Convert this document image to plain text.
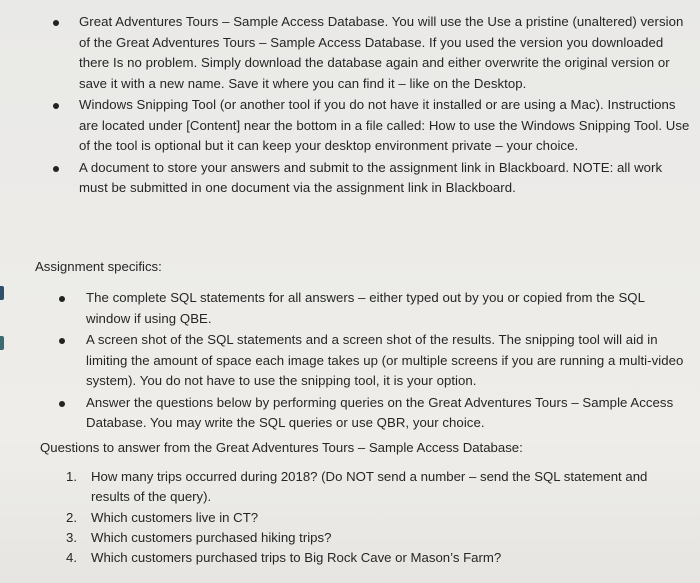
Great Adventures Tours – Sample Access Database. You will use the Use a pristine (unaltered) version of the Great Adventures Tours – Sample Access Database. If you used the version you downloaded there Is no problem. Simply download the database again and either overwrite the original version or save it with a new name. Save it where you can find it – like on the Desktop.
Windows Snipping Tool (or another tool if you do not have it installed or are using a Mac). Instructions are located under [Content] near the bottom in a file called: How to use the Windows Snipping Tool. Use of the tool is optional but it can keep your desktop environment private – your choice.
A document to store your answers and submit to the assignment link in Blackboard. NOTE: all work must be submitted in one document via the assignment link in Blackboard.
Assignment specifics:
The complete SQL statements for all answers – either typed out by you or copied from the SQL window if using QBE.
A screen shot of the SQL statements and a screen shot of the results. The snipping tool will aid in limiting the amount of space each image takes up (or multiple screens if you are running a multi-video system). You do not have to use the snipping tool, it is your option.
Answer the questions below by performing queries on the Great Adventures Tours – Sample Access Database. You may write the SQL queries or use QBR, your choice.
Questions to answer from the Great Adventures Tours – Sample Access Database:
1. How many trips occurred during 2018? (Do NOT send a number – send the SQL statement and results of the query).
2. Which customers live in CT?
3. Which customers purchased hiking trips?
4. Which customers purchased trips to Big Rock Cave or Mason’s Farm?
